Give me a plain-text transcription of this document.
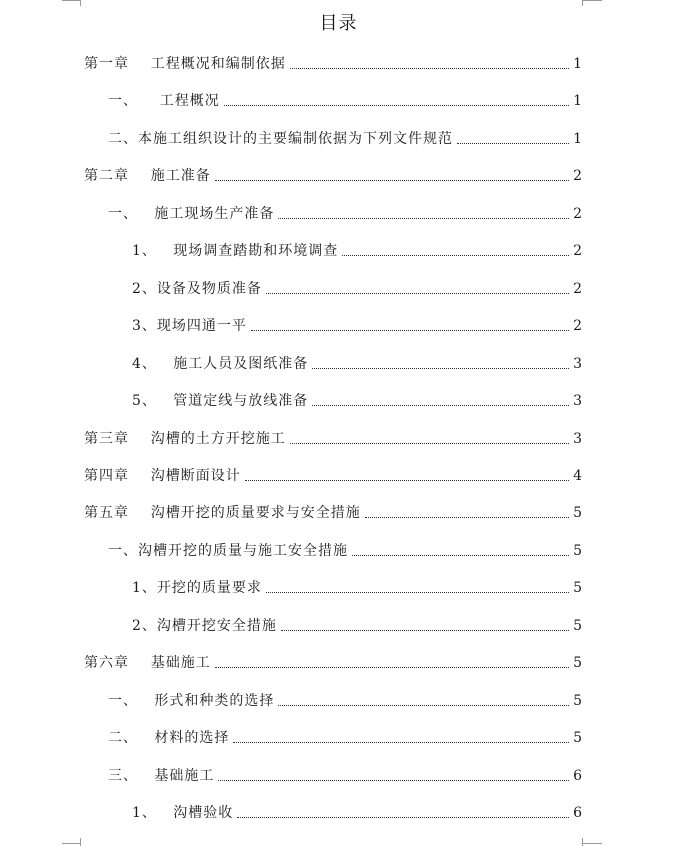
目录
第一章    工程概况和编制依据	1
一、    工程概况	1
二、本施工组织设计的主要编制依据为下列文件规范	1
第二章    施工准备	2
一、   施工现场生产准备	2
1、   现场调查踏勘和环境调查	2
2、设备及物质准备	2
3、现场四通一平	2
4、   施工人员及图纸准备	3
5、   管道定线与放线准备	3
第三章    沟槽的土方开挖施工	3
第四章    沟槽断面设计	4
第五章    沟槽开挖的质量要求与安全措施	5
一、沟槽开挖的质量与施工安全措施	5
1、开挖的质量要求	5
2、沟槽开挖安全措施	5
第六章    基础施工	5
一、   形式和种类的选择	5
二、   材料的选择	5
三、   基础施工	6
1、   沟槽验收	6
